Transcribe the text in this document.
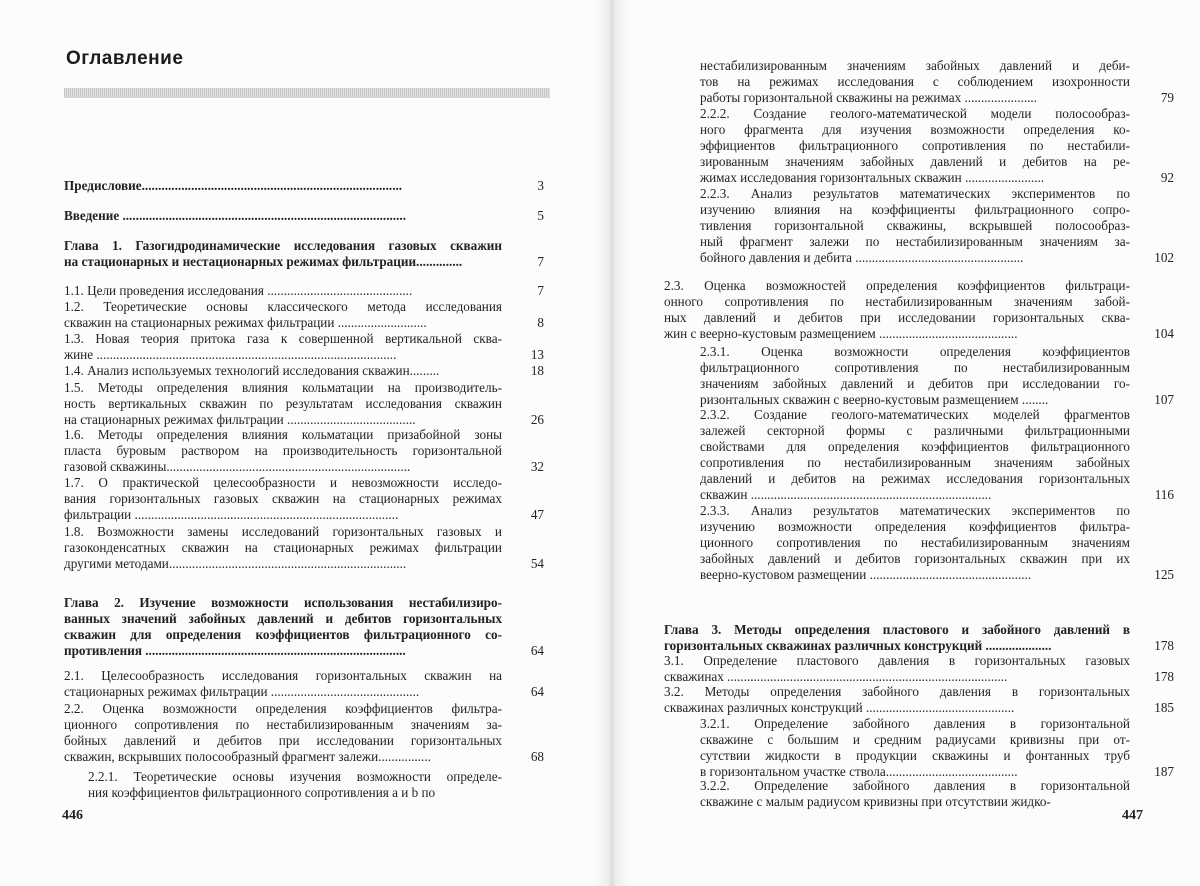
Оглавление
Предисловие...............................................................................	3
Введение ......................................................................................	5
Глава 1. Газогидродинамические исследования газовых скважин
на стационарных и нестационарных режимах фильтрации..............	7
1.1. Цели проведения исследования ............................................	7
1.2. Теоретические основы классического метода исследования
скважин на стационарных режимах фильтрации ...........................	8
1.3. Новая теория притока газа к совершенной вертикальной сква-
жине ...........................................................................................	13
1.4. Анализ используемых технологий исследования скважин.........	18
1.5. Методы определения влияния кольматации на производитель-
ность вертикальных скважин по результатам исследования скважин
на стационарных режимах фильтрации .......................................	26
1.6. Методы определения влияния кольматации призабойной зоны
пласта буровым раствором на производительность горизонтальной
газовой скважины..........................................................................	32
1.7. О практической целесообразности и невозможности исследо-
вания горизонтальных газовых скважин на стационарных режимах
фильтрации ................................................................................	47
1.8. Возможности замены исследований горизонтальных газовых и
газоконденсатных скважин на стационарных режимах фильтрации
другими методами........................................................................	54
Глава 2. Изучение возможности использования нестабилизиро-
ванных значений забойных давлений и дебитов горизонтальных
скважин для определения коэффициентов фильтрационного со-
противления ...............................................................................	64
2.1. Целесообразность исследования горизонтальных скважин на
стационарных режимах фильтрации .............................................	64
2.2. Оценка возможности определения коэффициентов фильтра-
ционного сопротивления по нестабилизированным значениям за-
бойных давлений и дебитов при исследовании горизонтальных
скважин, вскрывших полосообразный фрагмент залежи................	68
2.2.1. Теоретические основы изучения возможности определе-
ния коэффициентов фильтрационного сопротивления a и b по
446
нестабилизированным значениям забойных давлений и деби-
тов на режимах исследования с соблюдением изохронности
работы горизонтальной скважины на режимах ......................	79
2.2.2. Создание геолого-математической модели полосообраз-
ного фрагмента для изучения возможности определения ко-
эффициентов фильтрационного сопротивления по нестабили-
зированным значениям забойных давлений и дебитов на ре-
жимах исследования горизонтальных скважин ........................	92
2.2.3. Анализ результатов математических экспериментов по
изучению влияния на коэффициенты фильтрационного сопро-
тивления горизонтальной скважины, вскрывшей полосообраз-
ный фрагмент залежи по нестабилизированным значениям за-
бойного давления и дебита ...................................................	102
2.3. Оценка возможностей определения коэффициентов фильтраци-
онного сопротивления по нестабилизированным значениям забой-
ных давлений и дебитов при исследовании горизонтальных сква-
жин с веерно-кустовым размещением ..........................................	104
2.3.1. Оценка возможности определения коэффициентов
фильтрационного сопротивления по нестабилизированным
значениям забойных давлений и дебитов при исследовании го-
ризонтальных скважин с веерно-кустовым размещением ........	107
2.3.2. Создание геолого-математических моделей фрагментов
залежей секторной формы с различными фильтрационными
свойствами для определения коэффициентов фильтрационного
сопротивления по нестабилизированным значениям забойных
давлений и дебитов на режимах исследования горизонтальных
скважин .........................................................................	116
2.3.3. Анализ результатов математических экспериментов по
изучению возможности определения коэффициентов фильтра-
ционного сопротивления по нестабилизированным значениям
забойных давлений и дебитов горизонтальных скважин при их
веерно-кустовом размещении .................................................	125
Глава 3. Методы определения пластового и забойного давлений в
горизонтальных скважинах различных конструкций ....................	178
3.1. Определение пластового давления в горизонтальных газовых
скважинах .....................................................................................	178
3.2. Методы определения забойного давления в горизонтальных
скважинах различных конструкций .............................................	185
3.2.1. Определение забойного давления в горизонтальной
скважине с большим и средним радиусами кривизны при от-
сутствии жидкости в продукции скважины и фонтанных труб
в горизонтальном участке ствола........................................	187
3.2.2. Определение забойного давления в горизонтальной
скважине с малым радиусом кривизны при отсутствии жидко-
447
